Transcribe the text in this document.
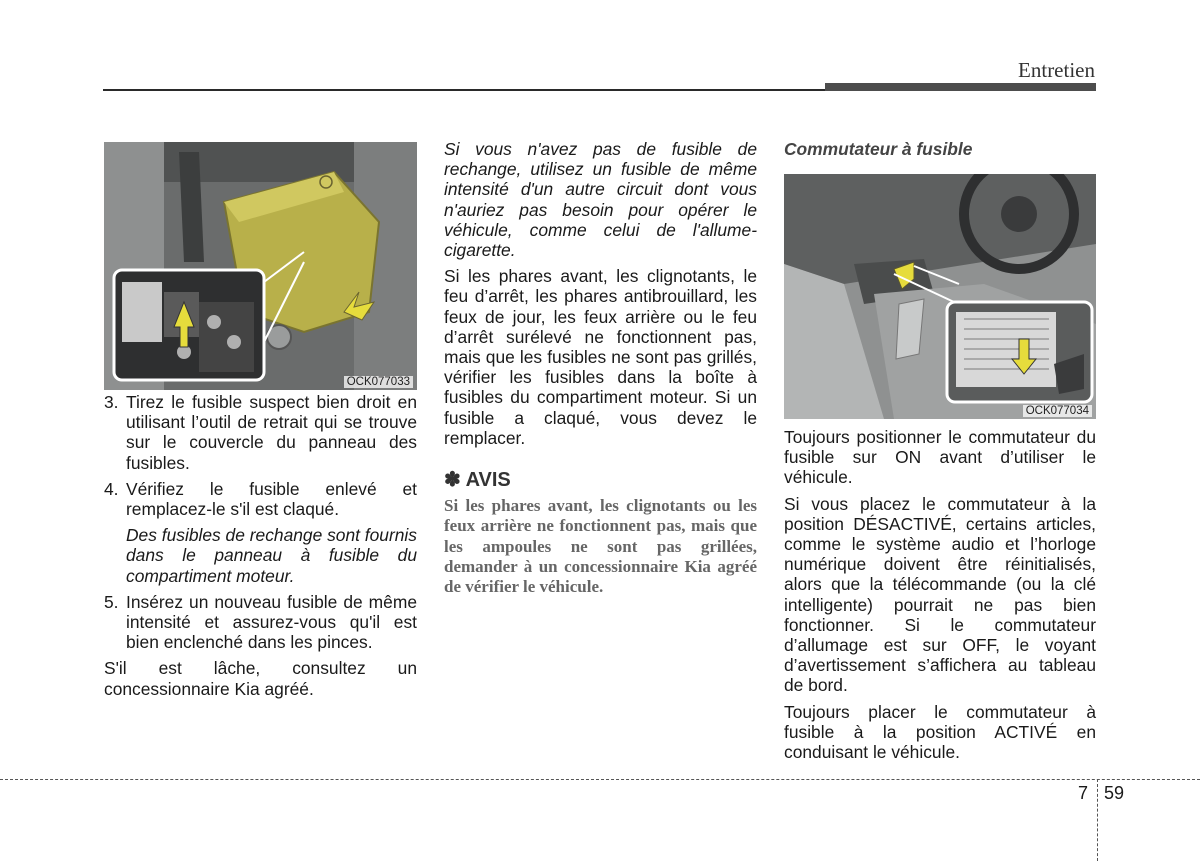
Entretien
OCK077033

3. Tirez le fusible suspect bien droit en utilisant l’outil de retrait qui se trouve sur le couvercle du panneau des fusibles.

4. Vérifiez le fusible enlevé et remplacez-le s'il est claqué.

Des fusibles de rechange sont fournis dans le panneau à fusible du compartiment moteur.

5. Insérez un nouveau fusible de même intensité et assurez-vous qu'il est bien enclenché dans les pinces.

S'il est lâche, consultez un concessionnaire Kia agréé.

Si vous n'avez pas de fusible de rechange, utilisez un fusible de même intensité d'un autre circuit dont vous n'auriez pas besoin pour opérer le véhicule, comme celui de l'allume-cigarette.

Si les phares avant, les clignotants, le feu d’arrêt, les phares antibrouillard, les feux de jour, les feux arrière ou le feu d’arrêt surélevé ne fonctionnent pas, mais que les fusibles ne sont pas grillés, vérifier les fusibles dans la boîte à fusibles du compartiment moteur. Si un fusible a claqué, vous devez le remplacer.

✽ AVIS
Si les phares avant, les clignotants ou les feux arrière ne fonctionnent pas, mais que les ampoules ne sont pas grillées, demander à un concessionnaire Kia agréé de vérifier le véhicule.

Commutateur à fusible

OCK077034

Toujours positionner le commutateur du fusible sur ON avant d’utiliser le véhicule.

Si vous placez le commutateur à la position DÉSACTIVÉ, certains articles, comme le système audio et l’horloge numérique doivent être réinitialisés, alors que la télécommande (ou la clé intelligente) pourrait ne pas bien fonctionner. Si le commutateur d’allumage est sur OFF, le voyant d’avertissement s’affichera au tableau de bord.

Toujours placer le commutateur à fusible à la position ACTIVÉ en conduisant le véhicule.

7 59
